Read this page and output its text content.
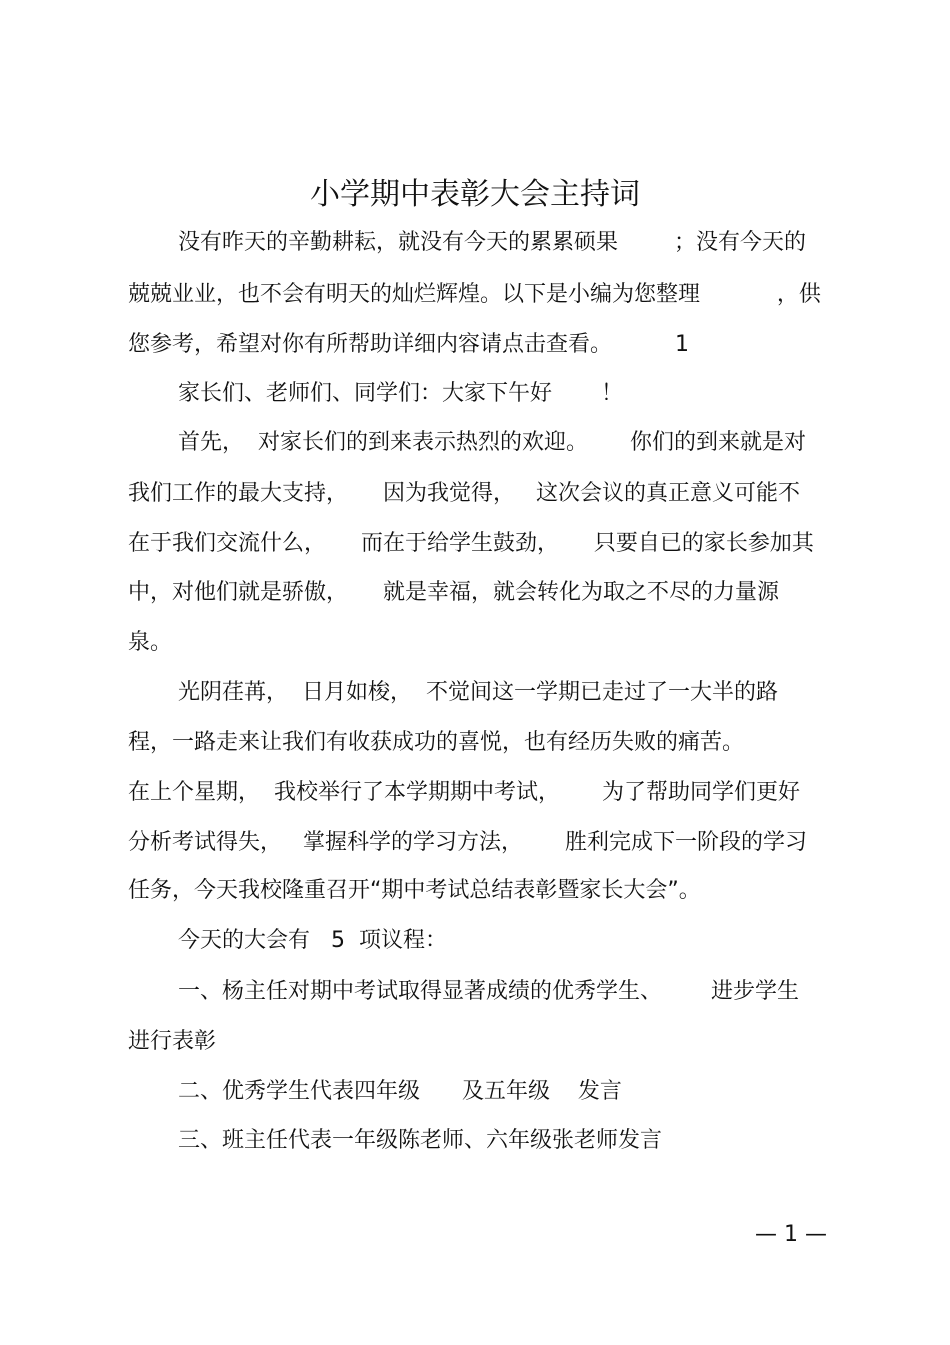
小学期中表彰大会主持词
没有昨天的辛勤耕耘，就没有今天的累累硕果        ；没有今天的
兢兢业业，也不会有明天的灿烂辉煌。以下是小编为您整理           ，供
您参考，希望对你有所帮助详细内容请点击查看。         1
家长们、老师们、同学们：大家下午好       ！
首先，  对家长们的到来表示热烈的欢迎。      你们的到来就是对
我们工作的最大支持，     因为我觉得，   这次会议的真正意义可能不
在于我们交流什么，     而在于给学生鼓劲，     只要自已的家长参加其
中，对他们就是骄傲，     就是幸福，就会转化为取之不尽的力量源
泉。
光阴荏苒，  日月如梭，  不觉间这一学期已走过了一大半的路
程，一路走来让我们有收获成功的喜悦，也有经历失败的痛苦。
在上个星期，  我校举行了本学期期中考试，      为了帮助同学们更好
分析考试得失，   掌握科学的学习方法，      胜利完成下一阶段的学习
任务，今天我校隆重召开“期中考试总结表彰暨家长大会”。
今天的大会有   5  项议程：
一、杨主任对期中考试取得显著成绩的优秀学生、       进步学生
进行表彰
二、优秀学生代表四年级      及五年级    发言
三、班主任代表一年级陈老师、六年级张老师发言
— 1 —
